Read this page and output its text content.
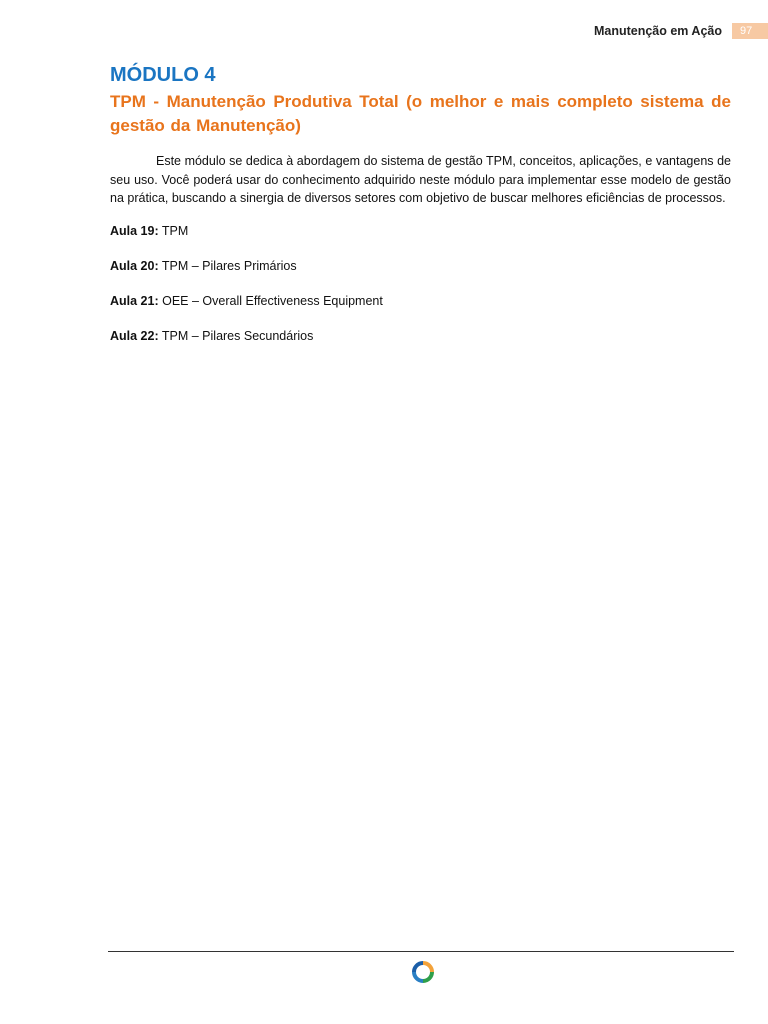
Manutenção em Ação	97
MÓDULO 4
TPM - Manutenção Produtiva Total (o melhor e mais completo sistema de gestão da Manutenção)

Este módulo se dedica à abordagem do sistema de gestão TPM, conceitos, aplicações, e vantagens de seu uso. Você poderá usar do conhecimento adquirido neste módulo para implementar esse modelo de gestão na prática, buscando a sinergia de diversos setores com objetivo de buscar melhores eficiências de processos.

Aula 19: TPM

Aula 20: TPM – Pilares Primários

Aula 21: OEE – Overall Effectiveness Equipment

Aula 22: TPM – Pilares Secundários
